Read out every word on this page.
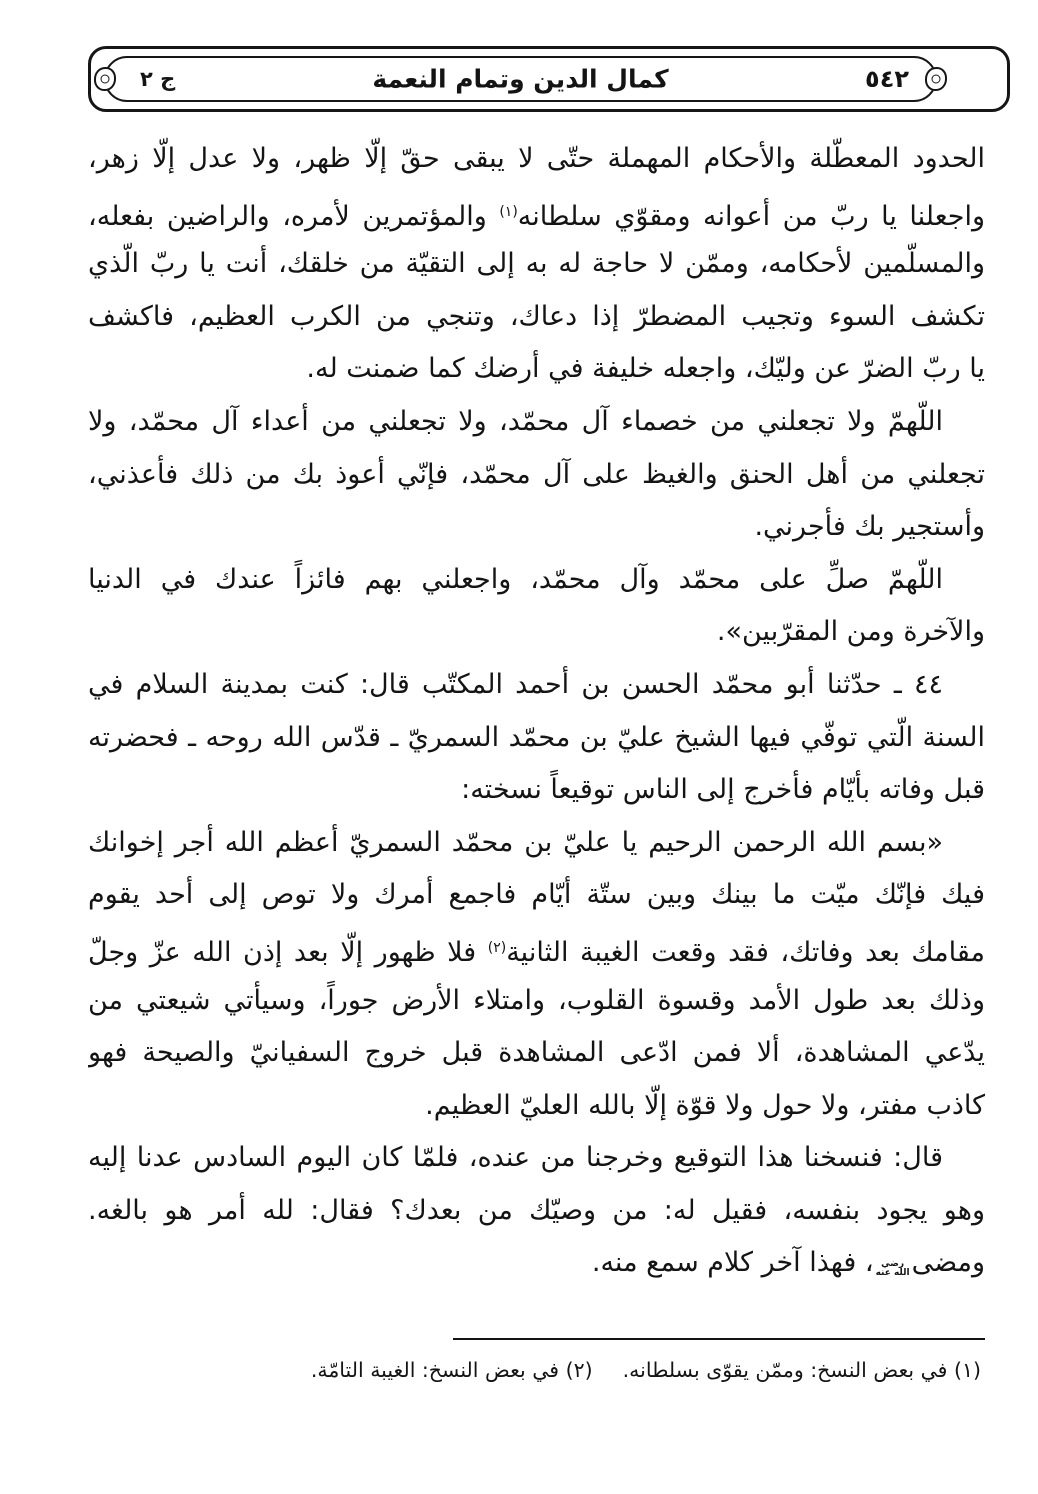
ج ٢	كمال الدين وتمام النعمة	٥٤٢
الحدود المعطّلة والأحكام المهملة حتّى لا يبقى حقّ إلّا ظهر، ولا عدل إلّا زهر،
واجعلنا يا ربّ من أعوانه ومقوّي سلطانه$^{(١)}$ والمؤتمرين لأمره، والراضين بفعله،
والمسلّمين لأحكامه، وممّن لا حاجة له به إلى التقيّة من خلقك، أنت يا ربّ الّذي
تكشف السوء وتجيب المضطرّ إذا دعاك، وتنجي من الكرب العظيم، فاكشف
يا ربّ الضرّ عن وليّك، واجعله خليفة في أرضك كما ضمنت له.
اللّهمّ ولا تجعلني من خصماء آل محمّد، ولا تجعلني من أعداء آل محمّد، ولا
تجعلني من أهل الحنق والغيظ على آل محمّد، فإنّي أعوذ بك من ذلك فأعذني،
وأستجير بك فأجرني.
اللّهمّ صلِّ على محمّد وآل محمّد، واجعلني بهم فائزاً عندك في الدنيا
والآخرة ومن المقرّبين».
٤٤ ـ حدّثنا أبو محمّد الحسن بن أحمد المكتّب قال: كنت بمدينة السلام في
السنة الّتي توفّي فيها الشيخ عليّ بن محمّد السمريّ ـ قدّس الله روحه ـ فحضرته
قبل وفاته بأيّام فأخرج إلى الناس توقيعاً نسخته:
«بسم الله الرحمن الرحيم يا عليّ بن محمّد السمريّ أعظم الله أجر إخوانك
فيك فإنّك ميّت ما بينك وبين ستّة أيّام فاجمع أمرك ولا توص إلى أحد يقوم
مقامك بعد وفاتك، فقد وقعت الغيبة الثانية$^{(٢)}$ فلا ظهور إلّا بعد إذن الله عزّ وجلّ
وذلك بعد طول الأمد وقسوة القلوب، وامتلاء الأرض جوراً، وسيأتي شيعتي من
يدّعي المشاهدة، ألا فمن ادّعى المشاهدة قبل خروج السفيانيّ والصيحة فهو
كاذب مفتر، ولا حول ولا قوّة إلّا بالله العليّ العظيم.
قال: فنسخنا هذا التوقيع وخرجنا من عنده، فلمّا كان اليوم السادس عدنا إليه
وهو يجود بنفسه، فقيل له: من وصيّك من بعدك؟ فقال: لله أمر هو بالغه.
ومضىرضي الله عنه، فهذا آخر كلام سمع منه.
(١) في بعض النسخ: وممّن يقوّى بسلطانه.
(٢) في بعض النسخ: الغيبة التامّة.
